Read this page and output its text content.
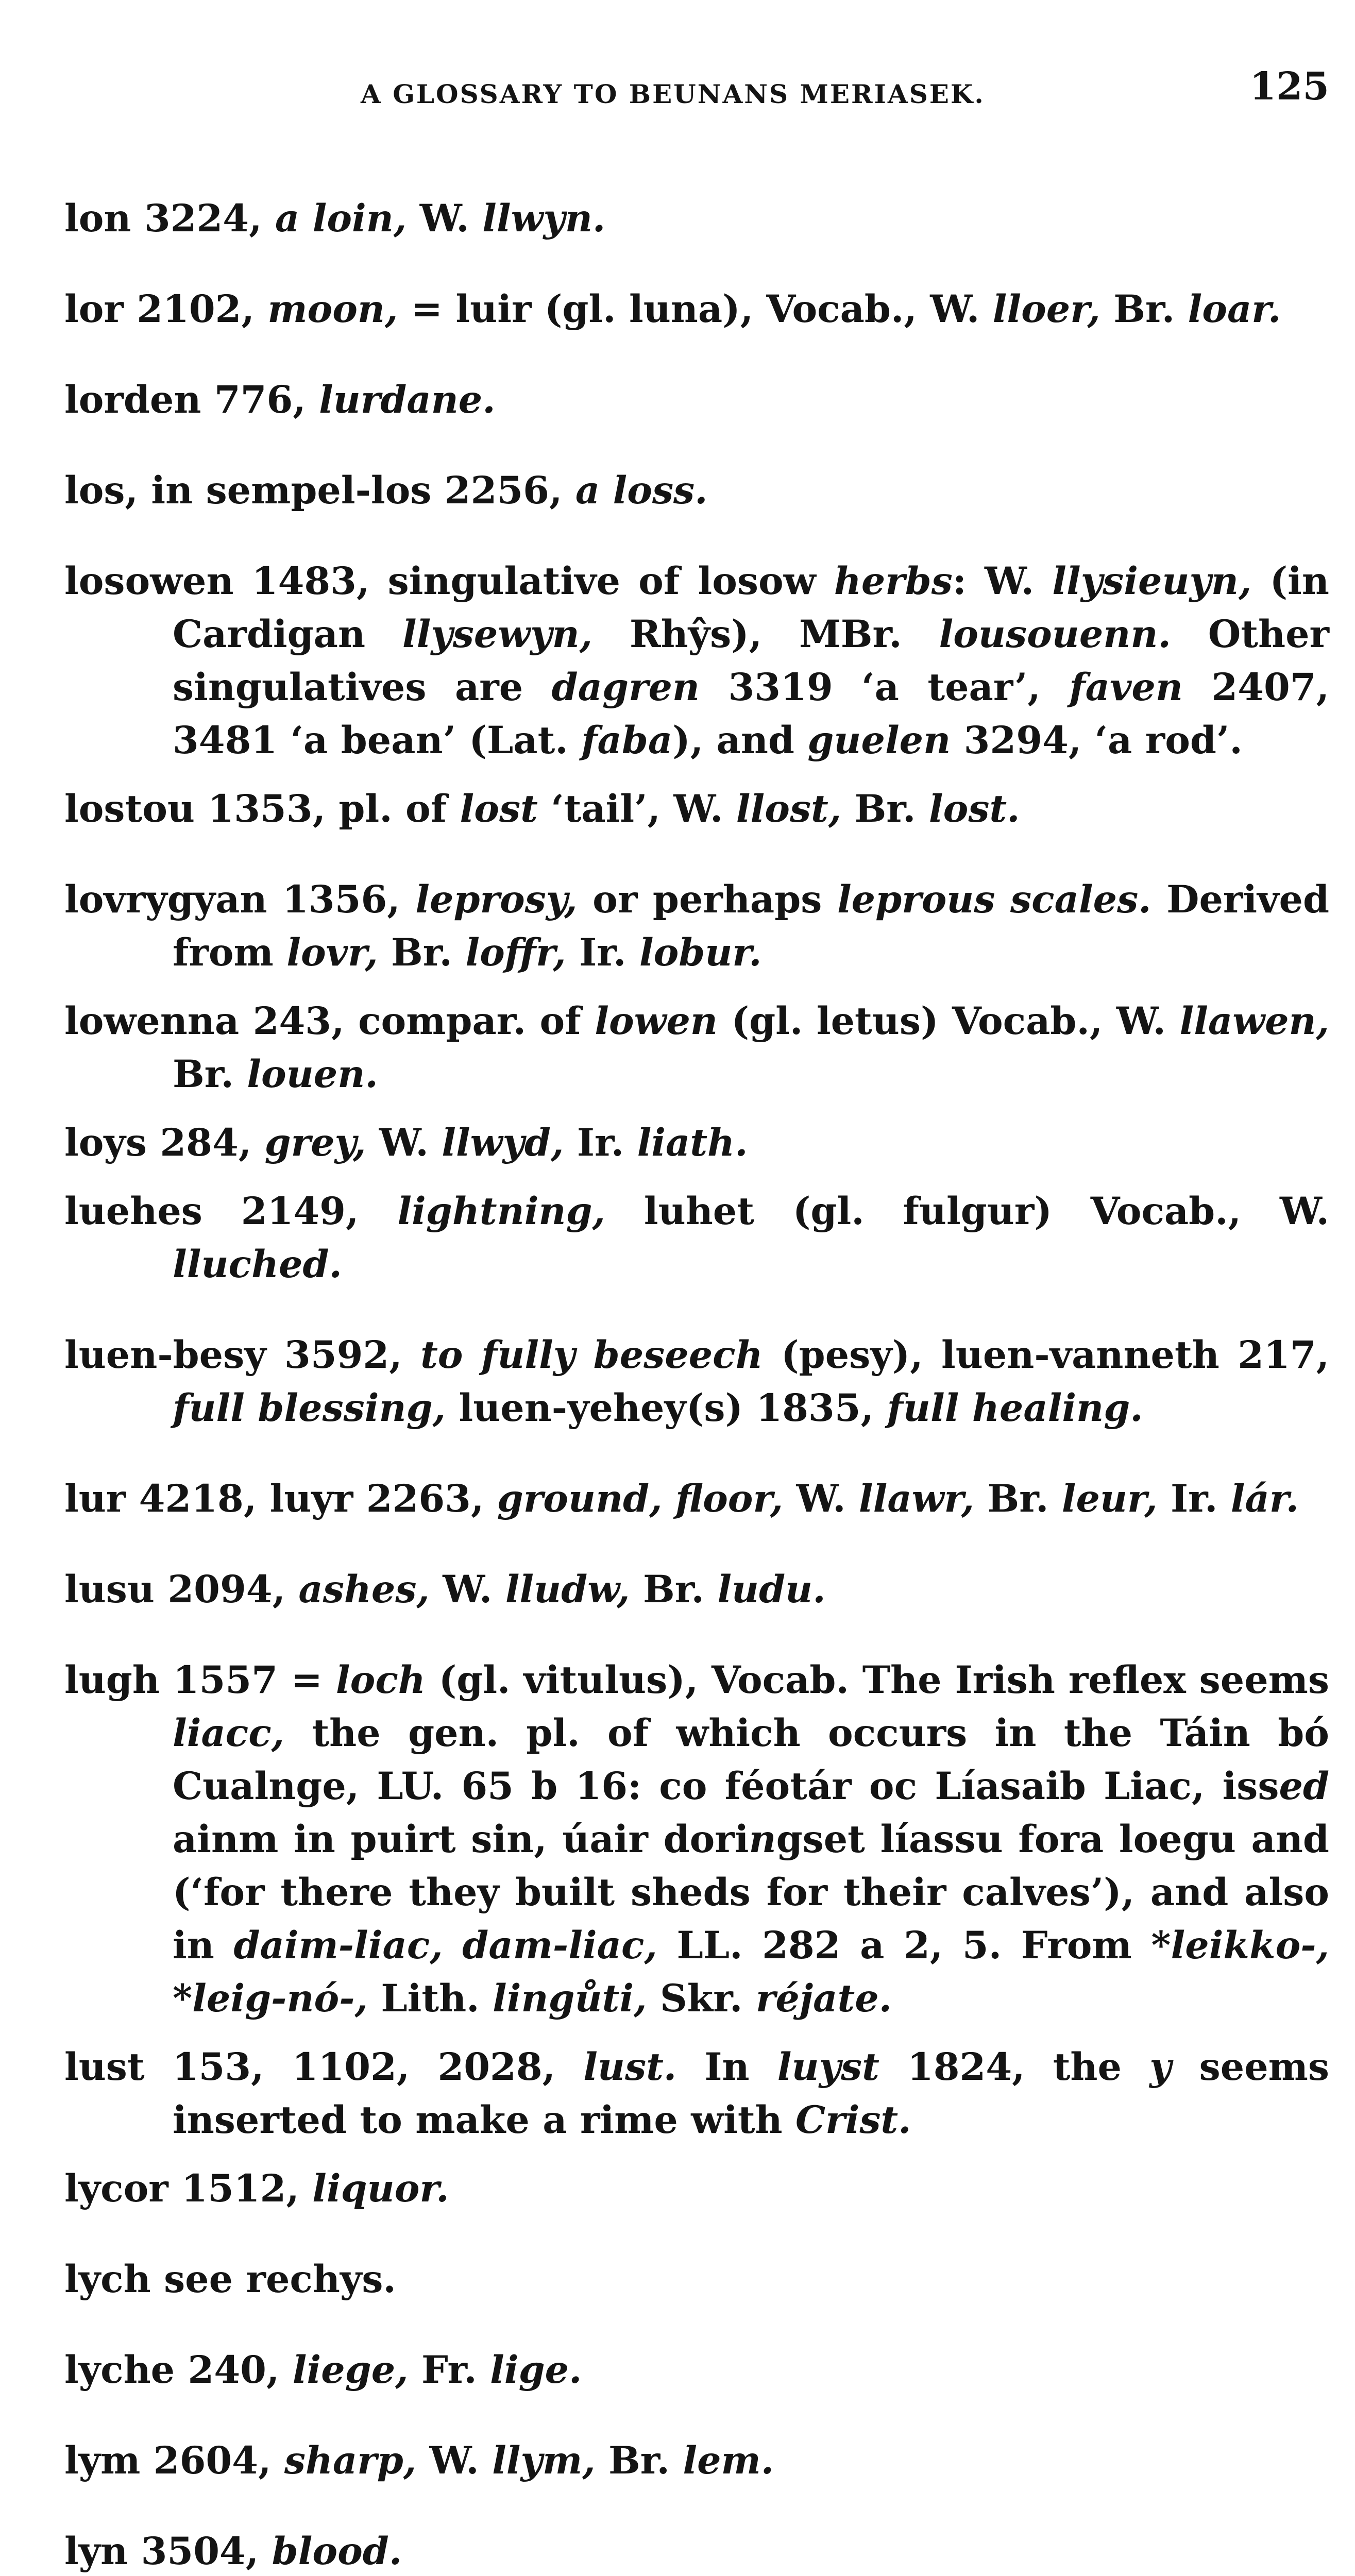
A GLOSSARY TO BEUNANS MERIASEK.	125

lon 3224, a loin, W. llwyn.

lor 2102, moon, = luir (gl. luna), Vocab., W. lloer, Br. loar.

lorden 776, lurdane.

los, in sempel-los 2256, a loss.

losowen 1483, singulative of losow herbs: W. llysieuyn, (in Cardigan llysewyn, Rhŷs), MBr. lousouenn. Other singulatives are dagren 3319 ‘a tear’, faven 2407, 3481 ‘a bean’ (Lat. faba), and guelen 3294, ‘a rod’.

lostou 1353, pl. of lost ‘tail’, W. llost, Br. lost.

lovrygyan 1356, leprosy, or perhaps leprous scales. Derived from lovr, Br. loffr, Ir. lobur.

lowenna 243, compar. of lowen (gl. letus) Vocab., W. llawen, Br. louen.

loys 284, grey, W. llwyd, Ir. liath.

luehes 2149, lightning, luhet (gl. fulgur) Vocab., W. lluched.

luen-besy 3592, to fully beseech (pesy), luen-vanneth 217, full blessing, luen-yehey(s) 1835, full healing.

lur 4218, luyr 2263, ground, floor, W. llawr, Br. leur, Ir. lár.

lusu 2094, ashes, W. lludw, Br. ludu.

lugh 1557 = loch (gl. vitulus), Vocab. The Irish reflex seems liacc, the gen. pl. of which occurs in the Táin bó Cualnge, LU. 65 b 16: co féotár oc Líasaib Liac, issed ainm in puirt sin, úair doringset líassu fora loegu and (‘for there they built sheds for their calves’), and also in daim-liac, dam-liac, LL. 282 a 2, 5. From *leikko-, *leig-nó-, Lith. lingůti, Skr. réjate.

lust 153, 1102, 2028, lust. In luyst 1824, the y seems inserted to make a rime with Crist.

lycor 1512, liquor.

lych see rechys.

lyche 240, liege, Fr. lige.

lym 2604, sharp, W. llym, Br. lem.

lyn 3504, blood.
